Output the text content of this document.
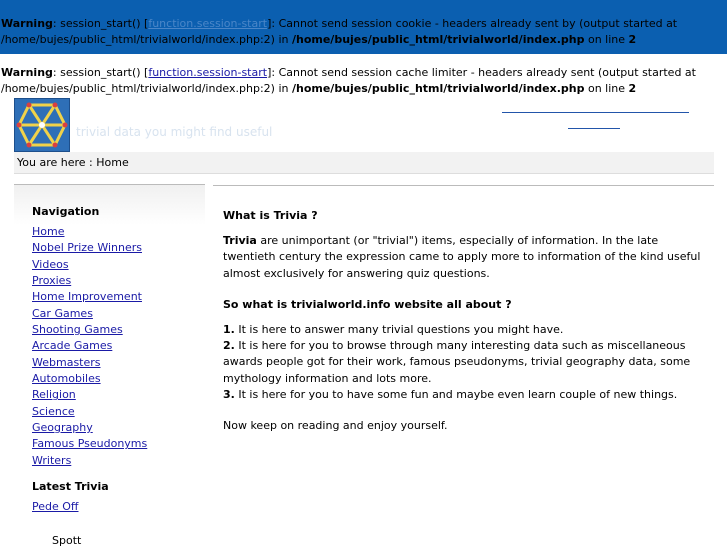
Warning: session_start() [function.session-start]: Cannot send session cookie - headers already sent by (output started at /home/bujes/public_html/trivialworld/index.php:2) in /home/bujes/public_html/trivialworld/index.php on line 2
Warning: session_start() [function.session-start]: Cannot send session cache limiter - headers already sent (output started at /home/bujes/public_html/trivialworld/index.php:2) in /home/bujes/public_html/trivialworld/index.php on line 2
trivial data you might find useful
You are here : Home
Navigation
Home
Nobel Prize Winners
Videos
Proxies
Home Improvement
Car Games
Shooting Games
Arcade Games
Webmasters
Automobiles
Religion
Science
Geography
Famous Pseudonyms
Writers
Latest Trivia
Pede Off
Spott
What is Trivia ?

Trivia are unimportant (or "trivial") items, especially of information. In the late twentieth century the expression came to apply more to information of the kind useful almost exclusively for answering quiz questions.

So what is trivialworld.info website all about ?

1. It is here to answer many trivial questions you might have.
2. It is here for you to browse through many interesting data such as miscellaneous awards people got for their work, famous pseudonyms, trivial geography data, some mythology information and lots more.
3. It is here for you to have some fun and maybe even learn couple of new things.

Now keep on reading and enjoy yourself.
